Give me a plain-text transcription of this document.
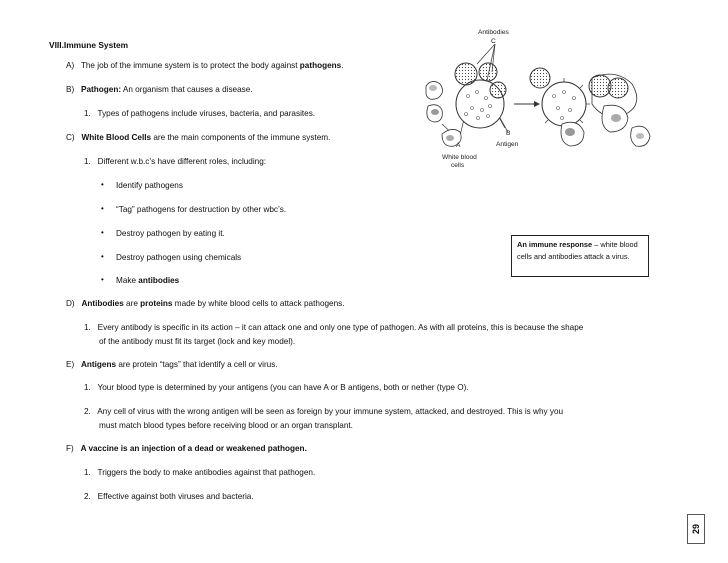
VIII.Immune System
A) The job of the immune system is to protect the body against pathogens.
B) Pathogen: An organism that causes a disease.
1. Types of pathogens include viruses, bacteria, and parasites.
C) White Blood Cells are the main components of the immune system.
1. Different w.b.c’s have different roles, including:
• Identify pathogens
• “Tag” pathogens for destruction by other wbc’s.
• Destroy pathogen by eating it.
• Destroy pathogen using chemicals
• Make antibodies
D) Antibodies are proteins made by white blood cells to attack pathogens.
1. Every antibody is specific in its action – it can attack one and only one type of pathogen. As with all proteins, this is because the shape
of the antibody must fit its target (lock and key model).
E) Antigens are protein “tags” that identify a cell or virus.
1. Your blood type is determined by your antigens (you can have A or B antigens, both or nether (type O).
2. Any cell of virus with the wrong antigen will be seen as foreign by your immune system, attacked, and destroyed. This is why you
must match blood types before receiving blood or an organ transplant.
F) A vaccine is an injection of a dead or weakened pathogen.
1. Triggers the body to make antibodies against that pathogen.
2. Effective against both viruses and bacteria.
Antibodies
C
A
B
Antigen
White blood
cells
An immune response – white blood cells and antibodies attack a virus.
29
